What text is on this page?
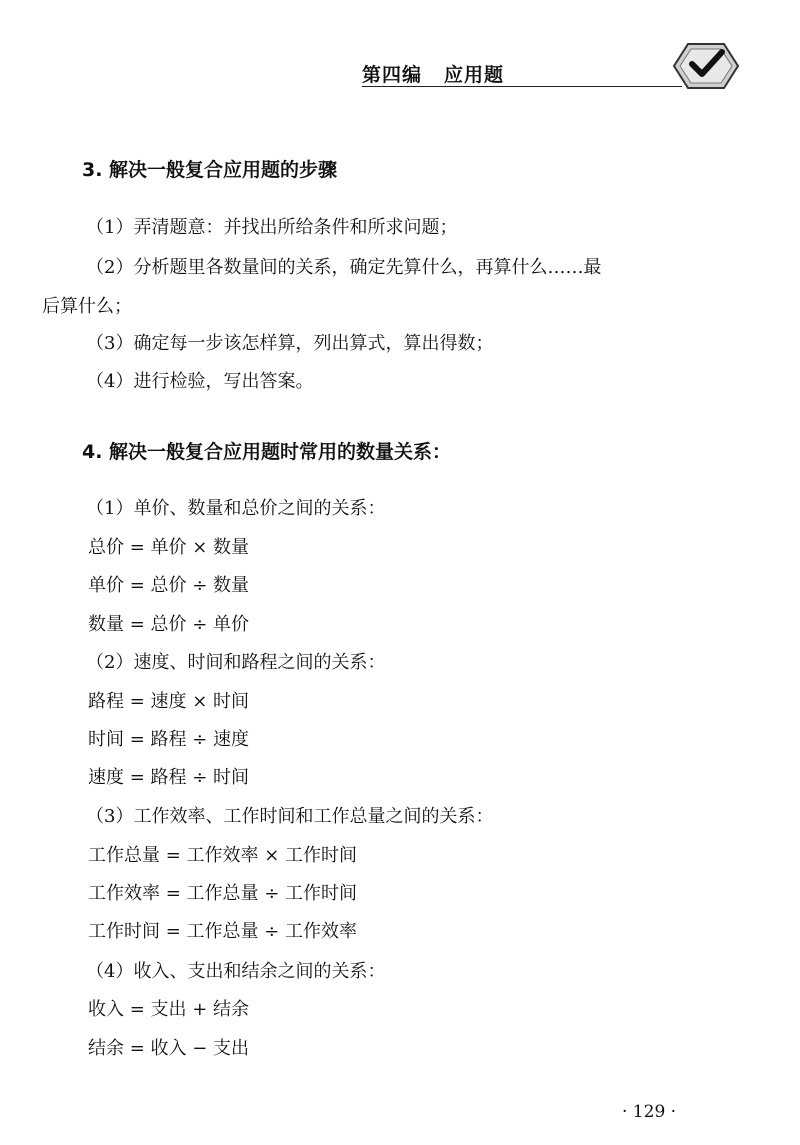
第四编 应用题
3. 解决一般复合应用题的步骤
（1）弄清题意：并找出所给条件和所求问题；
（2）分析题里各数量间的关系，确定先算什么，再算什么……最
后算什么；
（3）确定每一步该怎样算，列出算式，算出得数；
（4）进行检验，写出答案。
4. 解决一般复合应用题时常用的数量关系：
（1）单价、数量和总价之间的关系：
总价 = 单价 × 数量
单价 = 总价 ÷ 数量
数量 = 总价 ÷ 单价
（2）速度、时间和路程之间的关系：
路程 = 速度 × 时间
时间 = 路程 ÷ 速度
速度 = 路程 ÷ 时间
（3）工作效率、工作时间和工作总量之间的关系：
工作总量 = 工作效率 × 工作时间
工作效率 = 工作总量 ÷ 工作时间
工作时间 = 工作总量 ÷ 工作效率
（4）收入、支出和结余之间的关系：
收入 = 支出 + 结余
结余 = 收入 − 支出
· 129 ·
